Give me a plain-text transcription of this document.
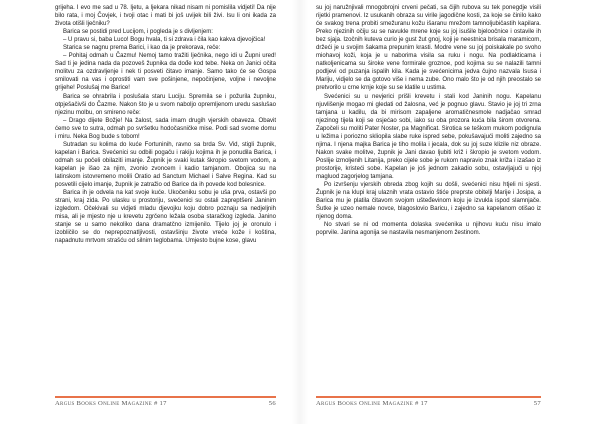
grijeha. I evo me sad u 78. ljetu, a ljekara nikad nisam ni pomislila vidjeti! Da nije bilo rata, i moj Čovjek, i tvoji otac i mati bi još uvijek bili živi. Isu li oni ikada za života otišli lječniku?

Barica se postidi pred Lucijom, i pogleda je s divljenjem:

– U pravu si, baba Luco! Bogu hvala, ti si zdrava i čila kao kakva djevojčica!

Starica se nagnu prema Barici, i kao da je prekorava, reče:

– Pohitaj odmah u Čazmu! Nemoj tamo tražiti lječnika, nego idi u Župni ured! Sad ti je jedina nada da pozoveš župnika da dođe kod tebe. Neka on Janici očita molitvu za ozdravljenje i nek ti posveti čitavo imanje. Samo tako će se Gospa smilovati na vas i oprostiti vam sve pošinjene, nepočinjene, voljne i nevoljne grijehe! Poslušaj me Barice!

Barica se ohrabrila i poslušala staru Luciju. Spremila se i požurila župniku, otpješačivši do Čazme. Nakon što je u svom naboljo opremljenom uredu saslušao njezinu molbu, on smireno reče:

– Drago dijete Božje! Na žalost, sada imam drugih vjerskih obaveza. Obavit ćemo sve to sutra, odmah po svršetku hodočasničke mise. Podi sad svome domu i miru. Neka Bog bude s tobom!

Sutradan su kolima do kuće Fortuninih, ravno sa brda Sv. Vid, stigli župnik, kapelan i Barica. Svećenici su odbili pogaču i rakiju kojima ih je ponudila Barica, i odmah su počeli obilaziti imanje. Župnik je svaki kutak škropio svetom vodom, a kapelan je išao za njim, zvonio zvoncem i kadio tamjanom. Obojica su na latinskom istovremeno molili Oratio ad Sanctum Michael i Salve Regina. Kad su posvetili cijelo imanje, župnik je zatražio od Barice da ih povede kod bolesnice.

Barica ih je odvela na kat svoje kuće. Ukočeniku sobu je uša prva, ostavši po strani, kraj zida. Po ulasku u prostoriju, svećenici su ostali zapreptšeni Janinim izgledom. Očekivali su vidjeti mladu djevojku koju dobro poznaju sa nedjeljnih misa, ali je mjesto nje u krevetu zgrčeno ležala osoba staračkog izgleda. Janino stanje se u samo nekoliko dana dramatčno izmijenilo. Tijelo joj je oronulo i izobličilo se do neprepoznatljivosti, ostavšinju živote vreće kože i koština, napadnutu mrtvom strašću od silnim teglobama. Umjesto bujne kose, glavu

Argus Books Online Magazine # 17	56

su joj naružnjivali mnogobrojni crveni pečati, sa čijih rubova su tek ponegdje visili rijetki pramenovi. Iz usukanih obraza su virile jagodične kosti, za koje se činilo kako će svakog trena probiti smežuranu kožu išaranu mrežom tamnoljubičastih kapilara. Preko njezinih očiju su se navukle mrene koje su joj isušile bjeloočnice i ostavile ih bez sjaja. Izočnih kuteva curio je gust žut gnoj, koji je neestnica brisala maramicom, držeći je u svojim šakama prepunim krasti. Modre vene su joj poiskakale po svoho miohavoj koži, koja je u naborima visila sa ruku i nogu. Na podlakticama i natkoljenicama su široke vene formirale groznoe, pod kojima su se nalazili tamni podljevi od puzanja ispalih kila. Kada je svećenicima jedva čujno nazvala Isusa i Mariju, vidjelo se da gotovo više i nema zube. Ono malo što je od njih preostalo se pretvorilo u crne krnje koje su se klatile u ustima.

Svećenici su u nevjerici prišli krevetu i stali kod Janinih nogu. Kapelanu njuvlišenje mogao mi gledati od žalosna, već je pognuo glavu. Stavio je joj tri zrna tamjana u kadilu, da bi mirisom zapaljene aromatičnesmole nadjačao smrad njezinog tijela koji se osjećao sobi, iako su oba prozora kuća bila širom otvorena. Započeli su moliti Pater Noster, pa Magnificat. Sirotica se teškom mukom podignula u ležima i poriozno skliopila slabe ruke ispred sebe, pokušavajući moliti zajedno sa njima. I njena majka Barica je tiho molila i jecala, dok su joj suze klizile niz obraze. Nakon svake molitve, župnik je Jani davao ljubiti križ i škropio je svetom vodom. Poslije izmoljenih Litanija, preko cijele sobe je rukom napravio znak križa i izašao iz prostorije, kristeći sobe. Kapelan je još jednom zakadio sobu, ostavljajući u njoj magluod zagorjelog tamjana.

Po izvršenju vjerskih obreda zbog kojih su došli, svećenici nisu htjeli ni sjesti. Župnik je na klupi kraj ulaznih vrata ostavio štiće preprste obitelji Marije i Josipa, a Barica mu je platila čitavom svojom ušteđevinom koju je izvukla ispod slamnjače. Šutke je uzeo nemale novce, blagoslovio Baricu, i zajedno sa kapelanom otišao iz njenog doma.

No stvari se ni od momenta dolaska svećenika u njihovu kuću nisu imalo poprvile. Janina agonija se nastavila nesmanjenom žestinom.

Argus Books Online Magazine # 17	57
